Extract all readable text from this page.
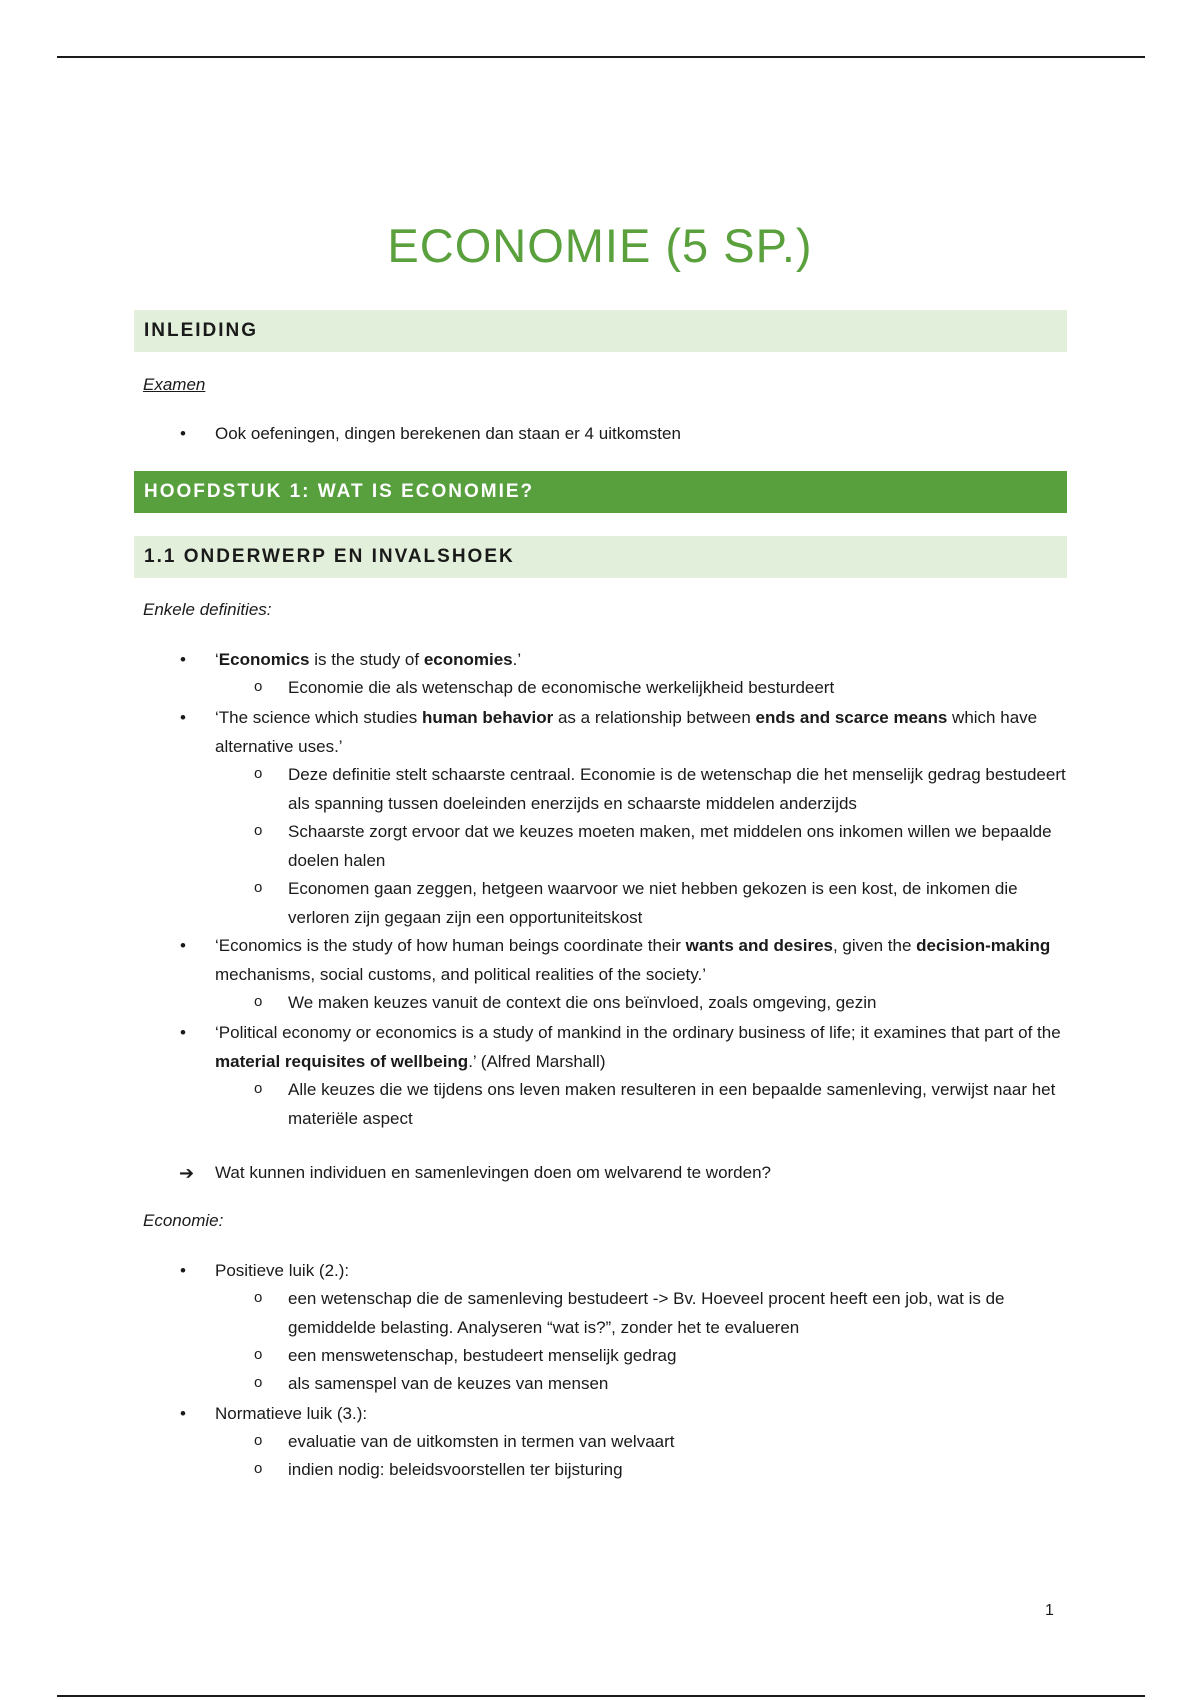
ECONOMIE (5 SP.)
INLEIDING
Examen
• Ook oefeningen, dingen berekenen dan staan er 4 uitkomsten
HOOFDSTUK 1: WAT IS ECONOMIE?
1.1 ONDERWERP EN INVALSHOEK
Enkele definities:
• ‘Economics is the study of economies.’
o Economie die als wetenschap de economische werkelijkheid besturdeert
• ‘The science which studies human behavior as a relationship between ends and scarce means which have alternative uses.’
o Deze definitie stelt schaarste centraal. Economie is de wetenschap die het menselijk gedrag bestudeert als spanning tussen doeleinden enerzijds en schaarste middelen anderzijds
o Schaarste zorgt ervoor dat we keuzes moeten maken, met middelen ons inkomen willen we bepaalde doelen halen
o Economen gaan zeggen, hetgeen waarvoor we niet hebben gekozen is een kost, de inkomen die verloren zijn gegaan zijn een opportuniteitskost
• ‘Economics is the study of how human beings coordinate their wants and desires, given the decision-making mechanisms, social customs, and political realities of the society.’
o We maken keuzes vanuit de context die ons beïnvloed, zoals omgeving, gezin
• ‘Political economy or economics is a study of mankind in the ordinary business of life; it examines that part of the material requisites of wellbeing.’ (Alfred Marshall)
o Alle keuzes die we tijdens ons leven maken resulteren in een bepaalde samenleving, verwijst naar het materiële aspect
➔ Wat kunnen individuen en samenlevingen doen om welvarend te worden?
Economie:
• Positieve luik (2.):
o een wetenschap die de samenleving bestudeert -> Bv. Hoeveel procent heeft een job, wat is de gemiddelde belasting. Analyseren “wat is?”, zonder het te evalueren
o een menswetenschap, bestudeert menselijk gedrag
o als samenspel van de keuzes van mensen
• Normatieve luik (3.):
o evaluatie van de uitkomsten in termen van welvaart
o indien nodig: beleidsvoorstellen ter bijsturing
1
